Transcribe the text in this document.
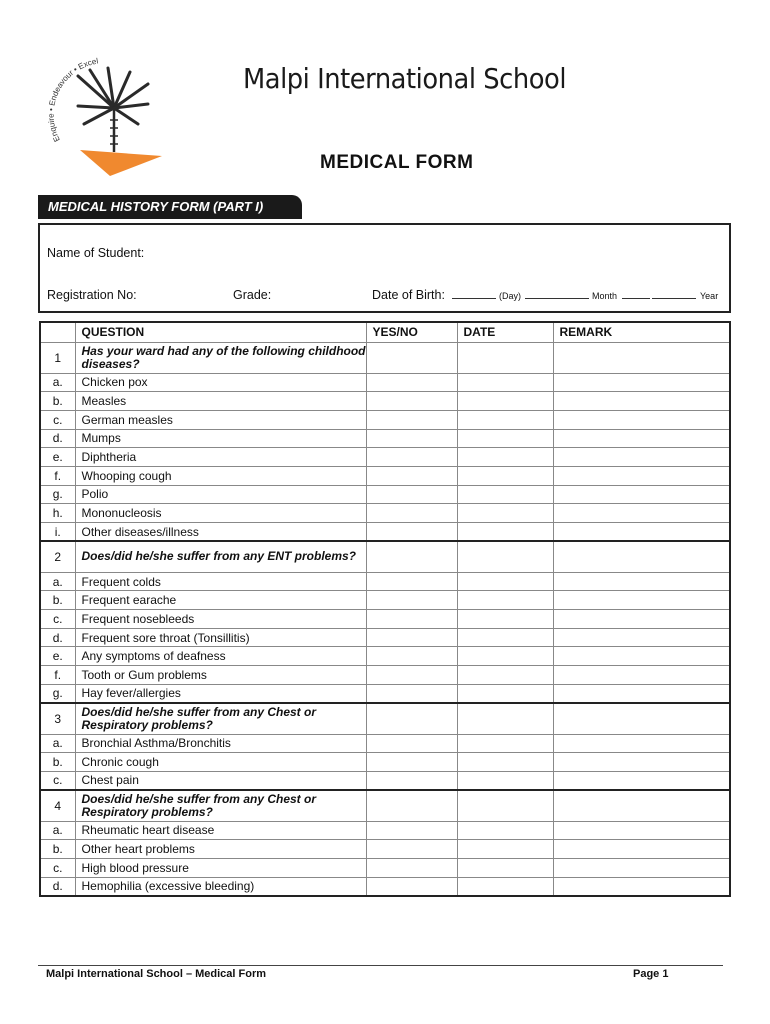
Enquire • Endeavour • Excel
Malpi International School
MEDICAL FORM
MEDICAL HISTORY FORM (PART I)
Name of Student:
Registration No:	Grade:	Date of Birth:	(Day)	Month	Year
	QUESTION	YES/NO	DATE	REMARK
1	Has your ward had any of the following childhood diseases?			

a.	Chicken pox			
b.	Measles			
c.	German measles			
d.	Mumps			
e.	Diphtheria			
f.	Whooping cough			
g.	Polio			
h.	Mononucleosis			
i.	Other diseases/illness			
2	Does/did he/she suffer from any ENT problems?			

a.	Frequent colds			
b.	Frequent earache			
c.	Frequent nosebleeds			
d.	Frequent sore throat (Tonsillitis)			
e.	Any symptoms of deafness			
f.	Tooth or Gum problems			
g.	Hay fever/allergies			
3	Does/did he/she suffer from any Chest or Respiratory problems?			

a.	Bronchial Asthma/Bronchitis			
b.	Chronic cough			
c.	Chest pain			
4	Does/did he/she suffer from any Chest or Respiratory problems?			

a.	Rheumatic heart disease			
b.	Other heart problems			
c.	High blood pressure			
d.	Hemophilia (excessive bleeding)			
Malpi International School – Medical Form	Page 1
